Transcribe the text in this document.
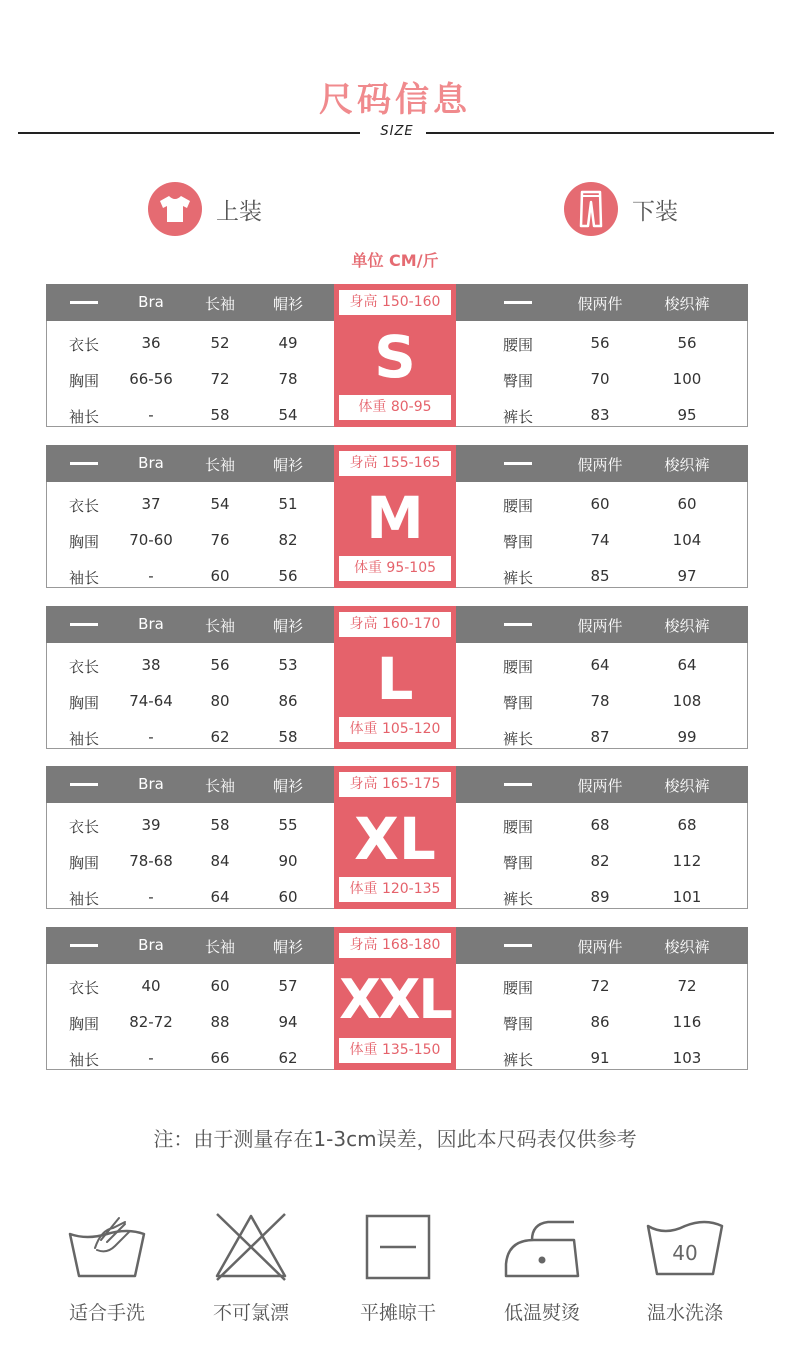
尺码信息
SIZE
上装	下装
单位 CM/斤
Bra	长袖	帽衫	假两件	梭织裤
衣长	36	52	49
胸围	66-56	72	78
袖长	-	58	54
腰围	56	56
臀围	70	100
裤长	83	95
身高 150-160
S
体重 80-95
Bra	长袖	帽衫	假两件	梭织裤
衣长	37	54	51
胸围	70-60	76	82
袖长	-	60	56
腰围	60	60
臀围	74	104
裤长	85	97
身高 155-165
M
体重 95-105
Bra	长袖	帽衫	假两件	梭织裤
衣长	38	56	53
胸围	74-64	80	86
袖长	-	62	58
腰围	64	64
臀围	78	108
裤长	87	99
身高 160-170
L
体重 105-120
Bra	长袖	帽衫	假两件	梭织裤
衣长	39	58	55
胸围	78-68	84	90
袖长	-	64	60
腰围	68	68
臀围	82	112
裤长	89	101
身高 165-175
XL
体重 120-135
Bra	长袖	帽衫	假两件	梭织裤
衣长	40	60	57
胸围	82-72	88	94
袖长	-	66	62
腰围	72	72
臀围	86	116
裤长	91	103
身高 168-180
XXL
体重 135-150
注：由于测量存在1-3cm误差，因此本尺码表仅供参考
适合手洗	不可氯漂	平摊晾干	低温熨烫
40
温水洗涤
